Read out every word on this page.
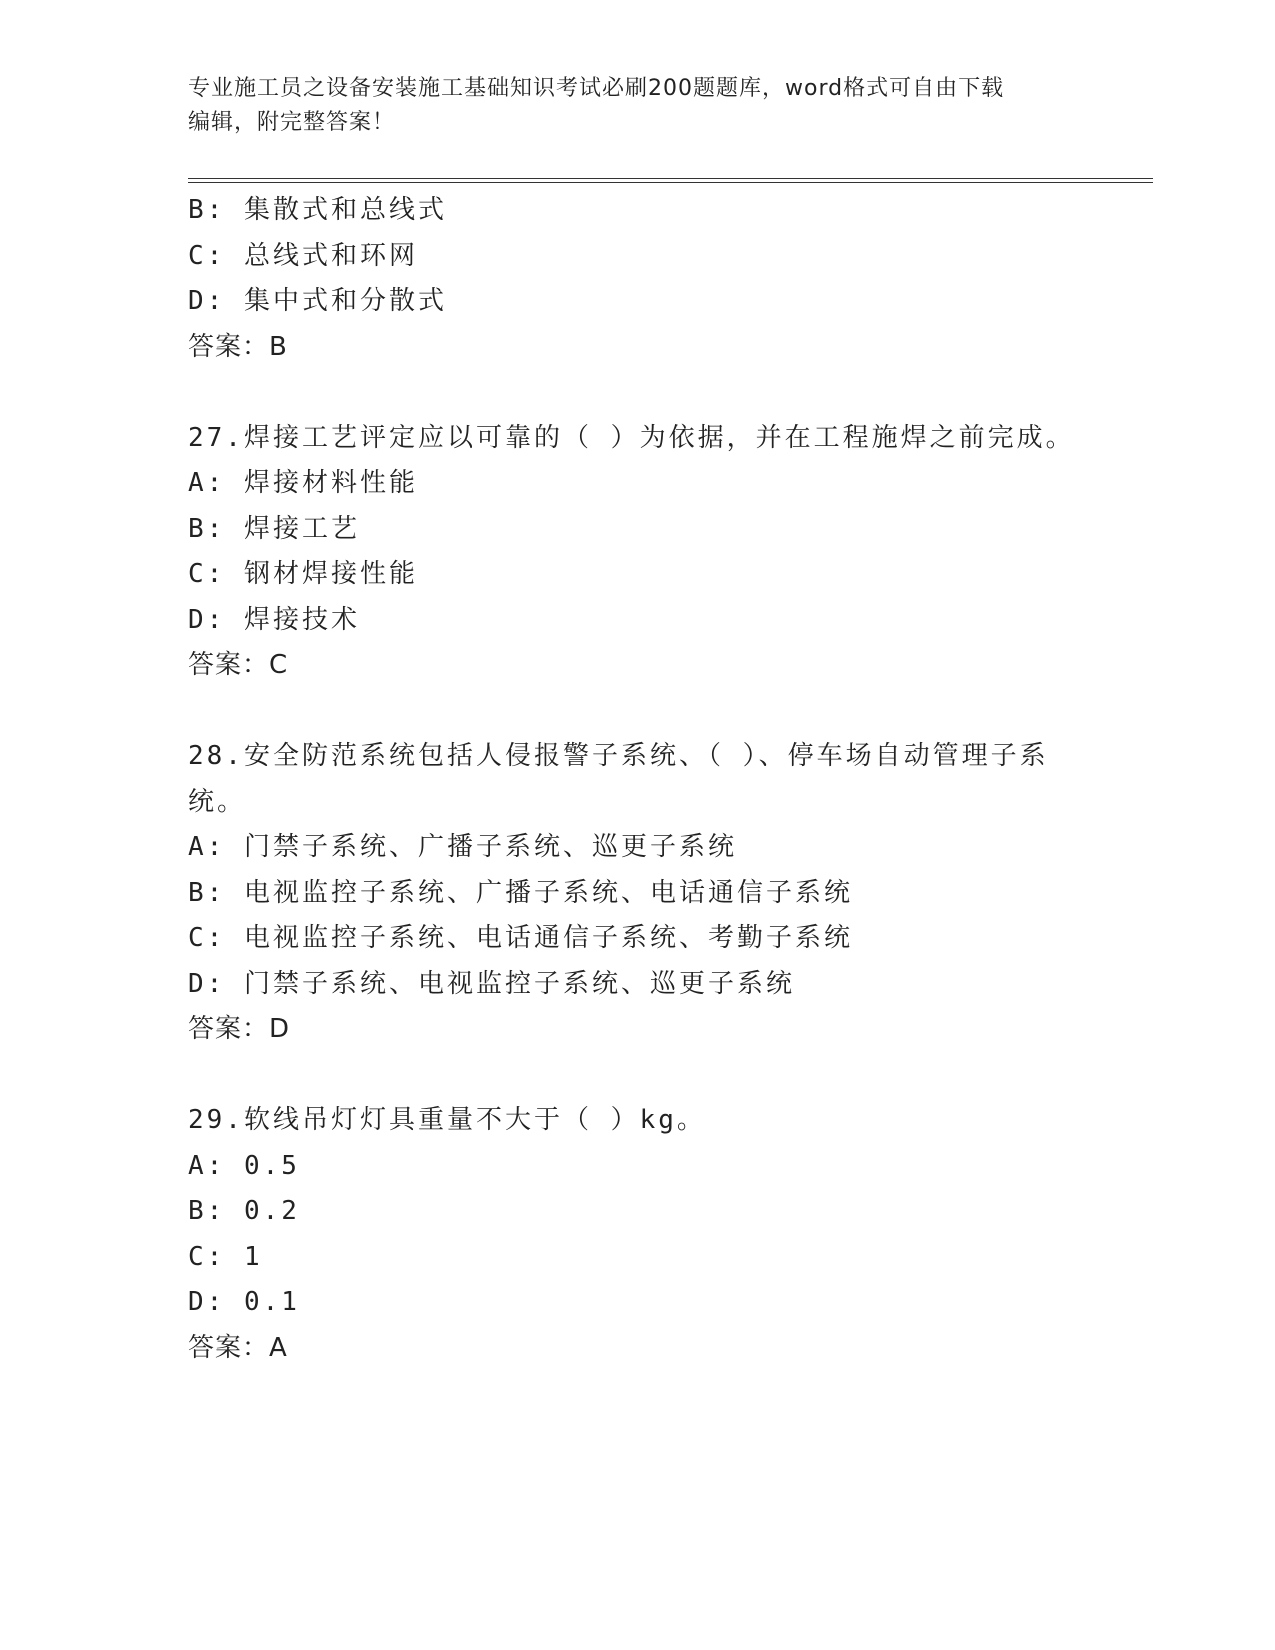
专业施工员之设备安装施工基础知识考试必刷200题题库，word格式可自由下载
编辑，附完整答案！
B: 集散式和总线式
C: 总线式和环网
D: 集中式和分散式
答案：B
27.焊接工艺评定应以可靠的（ ）为依据，并在工程施焊之前完成。
A: 焊接材料性能
B: 焊接工艺
C: 钢材焊接性能
D: 焊接技术
答案：C
28.安全防范系统包括人侵报警子系统、（ ）、停车场自动管理子系
统。
A: 门禁子系统、广播子系统、巡更子系统
B: 电视监控子系统、广播子系统、电话通信子系统
C: 电视监控子系统、电话通信子系统、考勤子系统
D: 门禁子系统、电视监控子系统、巡更子系统
答案：D
29.软线吊灯灯具重量不大于（ ）kg。
A: 0.5
B: 0.2
C: 1
D: 0.1
答案：A
